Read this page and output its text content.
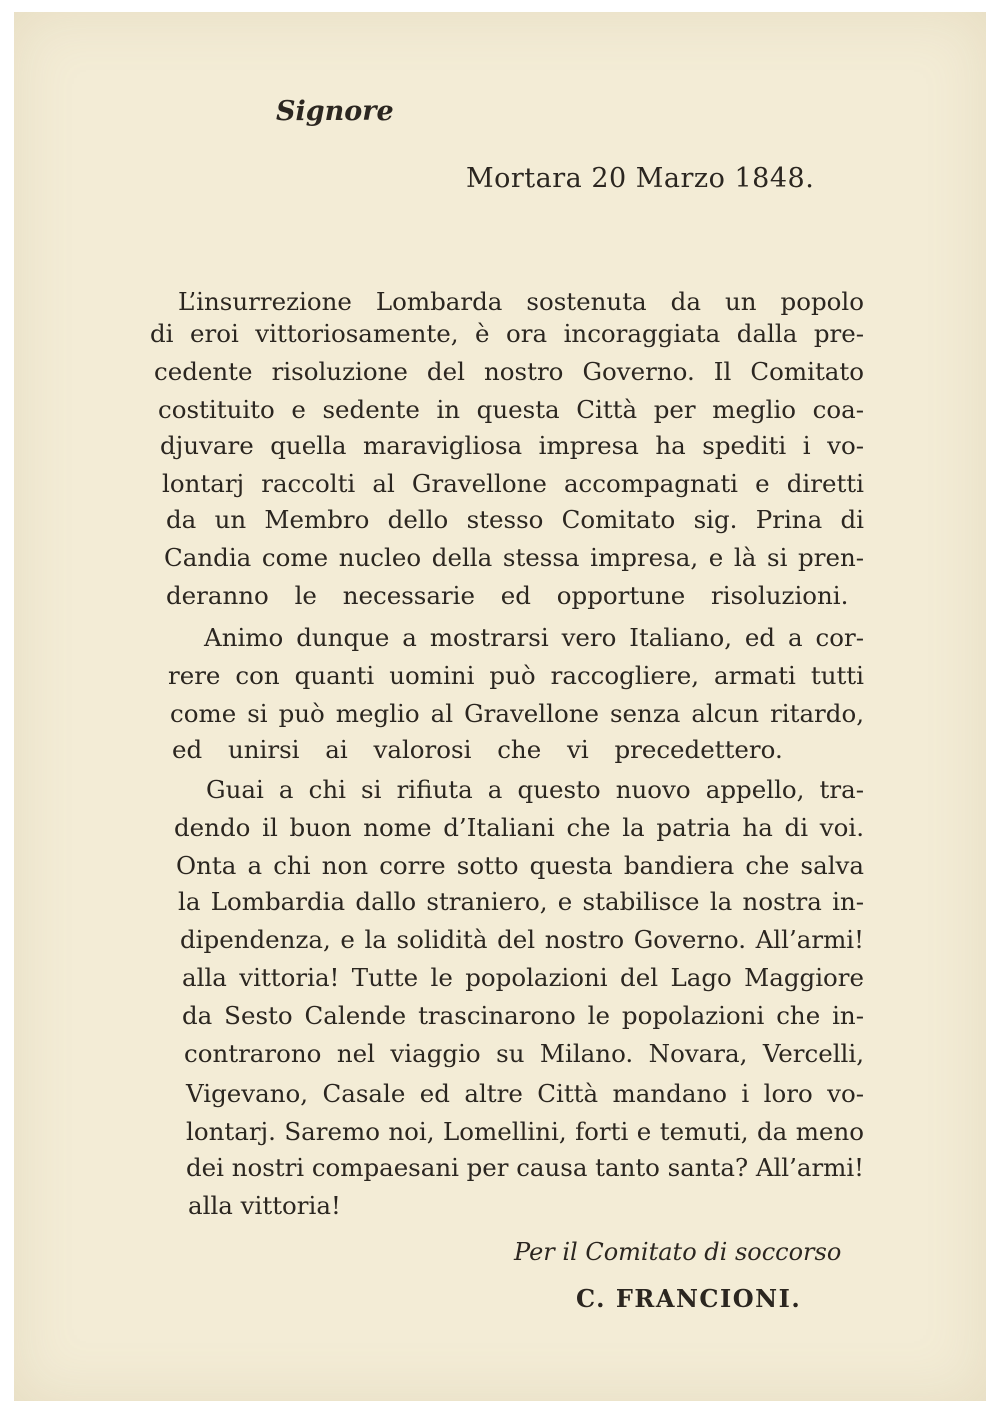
Signore

Mortara 20 Marzo 1848.

L’insurrezione Lombarda sostenuta da un popolo

di eroi vittoriosamente, è ora incoraggiata dalla pre-

cedente risoluzione del nostro Governo. Il Comitato

costituito e sedente in questa Città per meglio coa-

djuvare quella maravigliosa impresa ha spediti i vo-

lontarj raccolti al Gravellone accompagnati e diretti

da un Membro dello stesso Comitato sig. Prina di

Candia come nucleo della stessa impresa, e là si pren-

deranno le necessarie ed opportune risoluzioni.

Animo dunque a mostrarsi vero Italiano, ed a cor-

rere con quanti uomini può raccogliere, armati tutti

come si può meglio al Gravellone senza alcun ritardo,

ed unirsi ai valorosi che vi precedettero.

Guai a chi si rifiuta a questo nuovo appello, tra-

dendo il buon nome d’Italiani che la patria ha di voi.

Onta a chi non corre sotto questa bandiera che salva

la Lombardia dallo straniero, e stabilisce la nostra in-

dipendenza, e la solidità del nostro Governo. All’armi!

alla vittoria! Tutte le popolazioni del Lago Maggiore

da Sesto Calende trascinarono le popolazioni che in-

contrarono nel viaggio su Milano. Novara, Vercelli,

Vigevano, Casale ed altre Città mandano i loro vo-

lontarj. Saremo noi, Lomellini, forti e temuti, da meno

dei nostri compaesani per causa tanto santa? All’armi!

alla vittoria!

Per il Comitato di soccorso

C. FRANCIONI.
